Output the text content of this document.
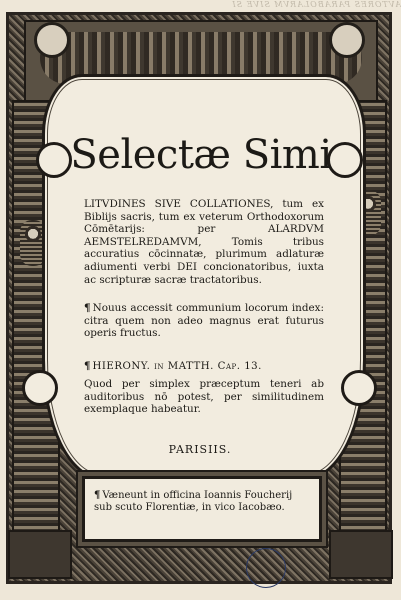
AVTORES PARABOLARVM SIVE SI
Selectæ Simi
LITVDINES SIVE COLLATIONES, tum ex Biblijs sacris, tum ex veterum Orthodoxorum Cōmētarijs: per ALARDVM AEMSTELREDAMVM, Tomis tribus accuratius cōcinnatæ, plurimum adlaturæ adiumenti verbi DEI concionatoribus, iuxta ac scripturæ sacræ tractatoribus.
¶ Nouus accessit communium locorum index: citra quem non adeo magnus erat futurus operis fructus.
¶ HIERONY. in MATTH. Cap. 13.
Quod per simplex præceptum teneri ab auditoribus nō potest, per similitudinem exemplaque habeatur.
PARISIIS.
¶ Væneunt in officina Ioannis Foucherij sub scuto Florentiæ, in vico Iacobæo.
